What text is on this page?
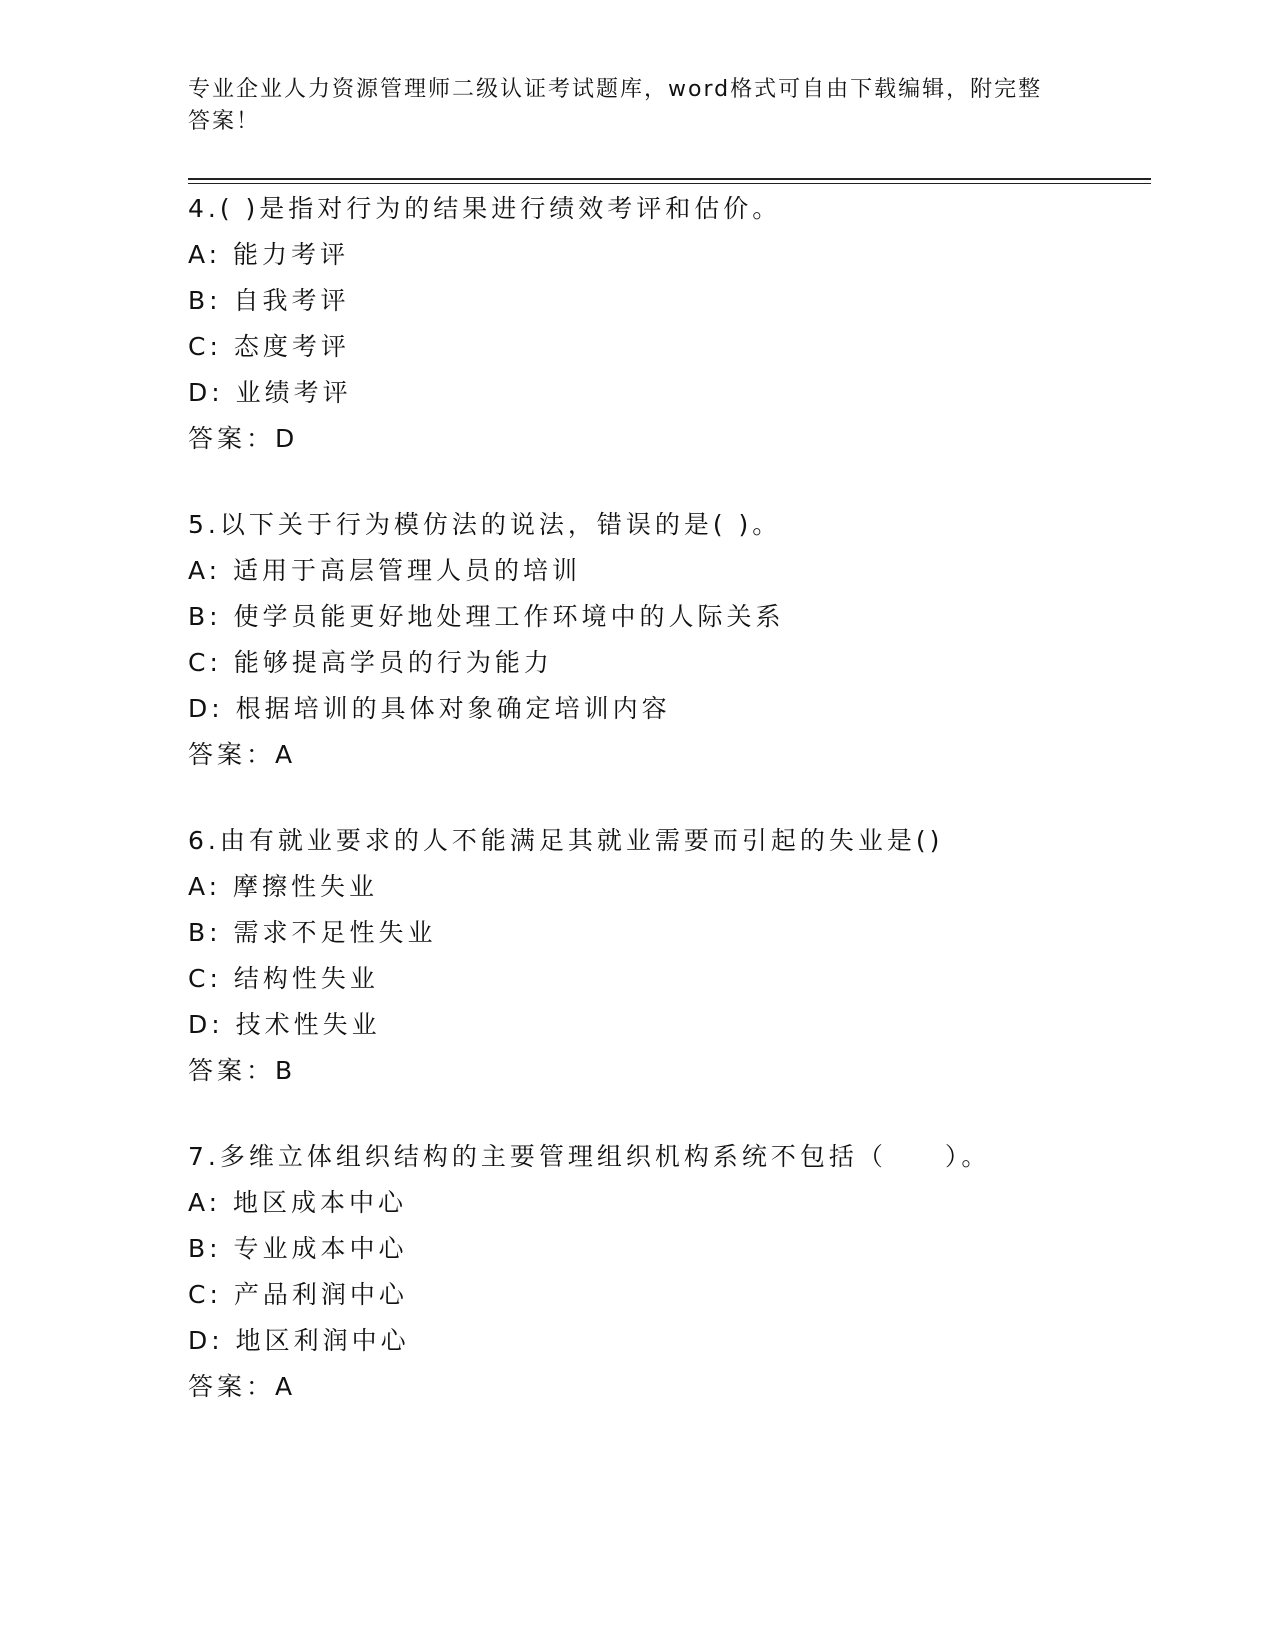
专业企业人力资源管理师二级认证考试题库，word格式可自由下载编辑，附完整
答案！
4.( )是指对行为的结果进行绩效考评和估价。
A: 能力考评
B: 自我考评
C: 态度考评
D: 业绩考评
答案：D
5.以下关于行为模仿法的说法，错误的是( )。
A: 适用于高层管理人员的培训
B: 使学员能更好地处理工作环境中的人际关系
C: 能够提高学员的行为能力
D: 根据培训的具体对象确定培训内容
答案：A
6.由有就业要求的人不能满足其就业需要而引起的失业是()
A: 摩擦性失业
B: 需求不足性失业
C: 结构性失业
D: 技术性失业
答案：B
7.多维立体组织结构的主要管理组织机构系统不包括（　　）。
A: 地区成本中心
B: 专业成本中心
C: 产品利润中心
D: 地区利润中心
答案：A
